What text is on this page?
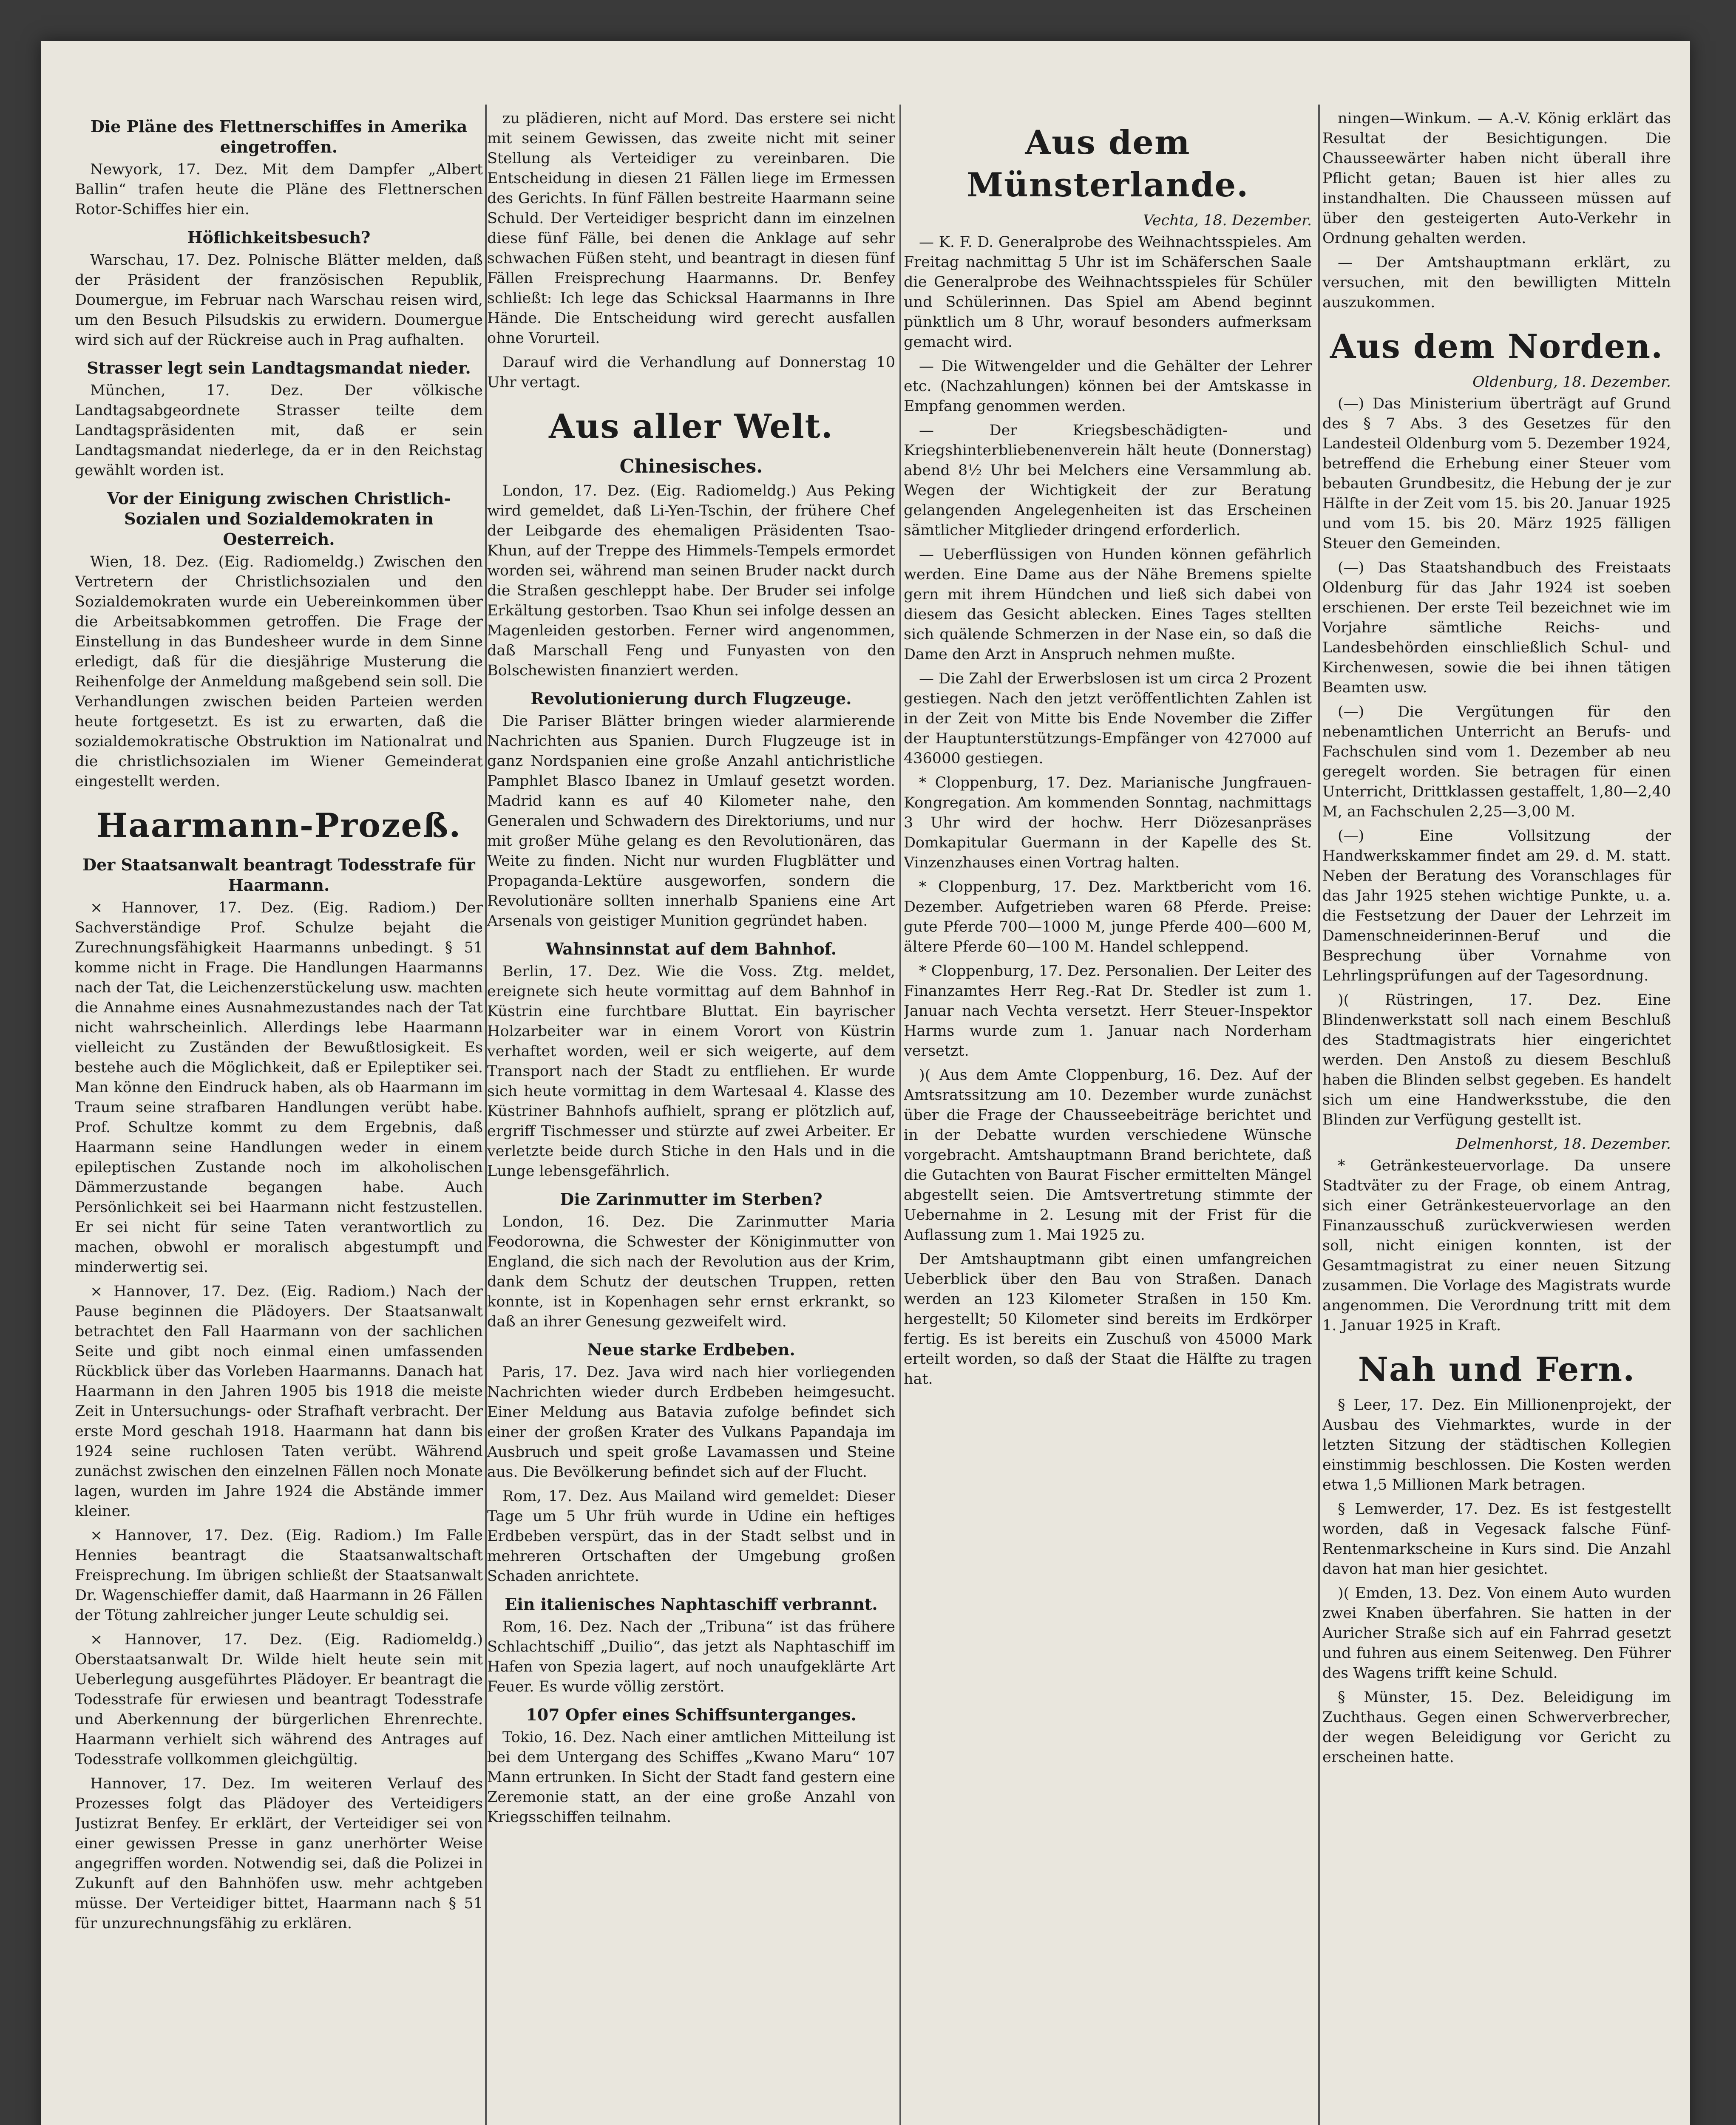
Die Pläne des Flettnerschiffes in Amerika eingetroffen.

Newyork, 17. Dez. Mit dem Dampfer „Albert Ballin“ trafen heute die Pläne des Flettnerschen Rotor-Schiffes hier ein.

Höflichkeitsbesuch?

Warschau, 17. Dez. Polnische Blätter melden, daß der Präsident der französischen Republik, Doumergue, im Februar nach Warschau reisen wird, um den Besuch Pilsudskis zu erwidern. Doumergue wird sich auf der Rückreise auch in Prag aufhalten.

Strasser legt sein Landtagsmandat nieder.

München, 17. Dez. Der völkische Landtagsabgeordnete Strasser teilte dem Landtagspräsidenten mit, daß er sein Landtagsmandat niederlege, da er in den Reichstag gewählt worden ist.

Vor der Einigung zwischen Christlich-Sozialen und Sozialdemokraten in Oesterreich.

Wien, 18. Dez. (Eig. Radiomeldg.) Zwischen den Vertretern der Christlichsozialen und den Sozialdemokraten wurde ein Uebereinkommen über die Arbeitsabkommen getroffen. Die Frage der Einstellung in das Bundesheer wurde in dem Sinne erledigt, daß für die diesjährige Musterung die Reihenfolge der Anmeldung maßgebend sein soll. Die Verhandlungen zwischen beiden Parteien werden heute fortgesetzt. Es ist zu erwarten, daß die sozialdemokratische Obstruktion im Nationalrat und die christlichsozialen im Wiener Gemeinderat eingestellt werden.

Haarmann-Prozeß.
Der Staatsanwalt beantragt Todesstrafe für Haarmann.

× Hannover, 17. Dez. (Eig. Radiom.) Der Sachverständige Prof. Schulze bejaht die Zurechnungsfähigkeit Haarmanns unbedingt. § 51 komme nicht in Frage. Die Handlungen Haarmanns nach der Tat, die Leichenzerstückelung usw. machten die Annahme eines Ausnahmezustandes nach der Tat nicht wahrscheinlich. Allerdings lebe Haarmann vielleicht zu Zuständen der Bewußtlosigkeit. Es bestehe auch die Möglichkeit, daß er Epileptiker sei. Man könne den Eindruck haben, als ob Haarmann im Traum seine strafbaren Handlungen verübt habe. Prof. Schultze kommt zu dem Ergebnis, daß Haarmann seine Handlungen weder in einem epileptischen Zustande noch im alkoholischen Dämmerzustande begangen habe. Auch Persönlichkeit sei bei Haarmann nicht festzustellen. Er sei nicht für seine Taten verantwortlich zu machen, obwohl er moralisch abgestumpft und minderwertig sei.

× Hannover, 17. Dez. (Eig. Radiom.) Nach der Pause beginnen die Plädoyers. Der Staatsanwalt betrachtet den Fall Haarmann von der sachlichen Seite und gibt noch einmal einen umfassenden Rückblick über das Vorleben Haarmanns. Danach hat Haarmann in den Jahren 1905 bis 1918 die meiste Zeit in Untersuchungs- oder Strafhaft verbracht. Der erste Mord geschah 1918. Haarmann hat dann bis 1924 seine ruchlosen Taten verübt. Während zunächst zwischen den einzelnen Fällen noch Monate lagen, wurden im Jahre 1924 die Abstände immer kleiner.

× Hannover, 17. Dez. (Eig. Radiom.) Im Falle Hennies beantragt die Staatsanwaltschaft Freisprechung. Im übrigen schließt der Staatsanwalt Dr. Wagenschieffer damit, daß Haarmann in 26 Fällen der Tötung zahlreicher junger Leute schuldig sei.

× Hannover, 17. Dez. (Eig. Radiomeldg.) Oberstaatsanwalt Dr. Wilde hielt heute sein mit Ueberlegung ausgeführtes Plädoyer. Er beantragt die Todesstrafe für erwiesen und beantragt Todesstrafe und Aberkennung der bürgerlichen Ehrenrechte. Haarmann verhielt sich während des Antrages auf Todesstrafe vollkommen gleichgültig.

Hannover, 17. Dez. Im weiteren Verlauf des Prozesses folgt das Plädoyer des Verteidigers Justizrat Benfey. Er erklärt, der Verteidiger sei von einer gewissen Presse in ganz unerhörter Weise angegriffen worden. Notwendig sei, daß die Polizei in Zukunft auf den Bahnhöfen usw. mehr achtgeben müsse. Der Verteidiger bittet, Haarmann nach § 51 für unzurechnungsfähig zu erklären.

zu plädieren, nicht auf Mord. Das erstere sei nicht mit seinem Gewissen, das zweite nicht mit seiner Stellung als Verteidiger zu vereinbaren. Die Entscheidung in diesen 21 Fällen liege im Ermessen des Gerichts. In fünf Fällen bestreite Haarmann seine Schuld. Der Verteidiger bespricht dann im einzelnen diese fünf Fälle, bei denen die Anklage auf sehr schwachen Füßen steht, und beantragt in diesen fünf Fällen Freisprechung Haarmanns. Dr. Benfey schließt: Ich lege das Schicksal Haarmanns in Ihre Hände. Die Entscheidung wird gerecht ausfallen ohne Vorurteil.

Darauf wird die Verhandlung auf Donnerstag 10 Uhr vertagt.

Aus aller Welt.
Chinesisches.

London, 17. Dez. (Eig. Radiomeldg.) Aus Peking wird gemeldet, daß Li-Yen-Tschin, der frühere Chef der Leibgarde des ehemaligen Präsidenten Tsao-Khun, auf der Treppe des Himmels-Tempels ermordet worden sei, während man seinen Bruder nackt durch die Straßen geschleppt habe. Der Bruder sei infolge Erkältung gestorben. Tsao Khun sei infolge dessen an Magenleiden gestorben. Ferner wird angenommen, daß Marschall Feng und Funyasten von den Bolschewisten finanziert werden.

Revolutionierung durch Flugzeuge.

Die Pariser Blätter bringen wieder alarmierende Nachrichten aus Spanien. Durch Flugzeuge ist in ganz Nordspanien eine große Anzahl antichristliche Pamphlet Blasco Ibanez in Umlauf gesetzt worden. Madrid kann es auf 40 Kilometer nahe, den Generalen und Schwadern des Direktoriums, und nur mit großer Mühe gelang es den Revolutionären, das Weite zu finden. Nicht nur wurden Flugblätter und Propaganda-Lektüre ausgeworfen, sondern die Revolutionäre sollten innerhalb Spaniens eine Art Arsenals von geistiger Munition gegründet haben.

Wahnsinnstat auf dem Bahnhof.

Berlin, 17. Dez. Wie die Voss. Ztg. meldet, ereignete sich heute vormittag auf dem Bahnhof in Küstrin eine furchtbare Bluttat. Ein bayrischer Holzarbeiter war in einem Vorort von Küstrin verhaftet worden, weil er sich weigerte, auf dem Transport nach der Stadt zu entfliehen. Er wurde sich heute vormittag in dem Wartesaal 4. Klasse des Küstriner Bahnhofs aufhielt, sprang er plötzlich auf, ergriff Tischmesser und stürzte auf zwei Arbeiter. Er verletzte beide durch Stiche in den Hals und in die Lunge lebensgefährlich.

Die Zarinmutter im Sterben?

London, 16. Dez. Die Zarinmutter Maria Feodorowna, die Schwester der Königinmutter von England, die sich nach der Revolution aus der Krim, dank dem Schutz der deutschen Truppen, retten konnte, ist in Kopenhagen sehr ernst erkrankt, so daß an ihrer Genesung gezweifelt wird.

Neue starke Erdbeben.

Paris, 17. Dez. Java wird nach hier vorliegenden Nachrichten wieder durch Erdbeben heimgesucht. Einer Meldung aus Batavia zufolge befindet sich einer der großen Krater des Vulkans Papandaja im Ausbruch und speit große Lavamassen und Steine aus. Die Bevölkerung befindet sich auf der Flucht.

Rom, 17. Dez. Aus Mailand wird gemeldet: Dieser Tage um 5 Uhr früh wurde in Udine ein heftiges Erdbeben verspürt, das in der Stadt selbst und in mehreren Ortschaften der Umgebung großen Schaden anrichtete.

Ein italienisches Naphtaschiff verbrannt.

Rom, 16. Dez. Nach der „Tribuna“ ist das frühere Schlachtschiff „Duilio“, das jetzt als Naphtaschiff im Hafen von Spezia lagert, auf noch unaufgeklärte Art Feuer. Es wurde völlig zerstört.

107 Opfer eines Schiffsunterganges.

Tokio, 16. Dez. Nach einer amtlichen Mitteilung ist bei dem Untergang des Schiffes „Kwano Maru“ 107 Mann ertrunken. In Sicht der Stadt fand gestern eine Zeremonie statt, an der eine große Anzahl von Kriegsschiffen teilnahm.

Aus dem Münsterlande.
Vechta, 18. Dezember.

— K. F. D. Generalprobe des Weihnachtsspieles. Am Freitag nachmittag 5 Uhr ist im Schäferschen Saale die Generalprobe des Weihnachtsspieles für Schüler und Schülerinnen. Das Spiel am Abend beginnt pünktlich um 8 Uhr, worauf besonders aufmerksam gemacht wird.

— Die Witwengelder und die Gehälter der Lehrer etc. (Nachzahlungen) können bei der Amtskasse in Empfang genommen werden.

— Der Kriegsbeschädigten- und Kriegshinterbliebenenverein hält heute (Donnerstag) abend 8½ Uhr bei Melchers eine Versammlung ab. Wegen der Wichtigkeit der zur Beratung gelangenden Angelegenheiten ist das Erscheinen sämtlicher Mitglieder dringend erforderlich.

— Ueberflüssigen von Hunden können gefährlich werden. Eine Dame aus der Nähe Bremens spielte gern mit ihrem Hündchen und ließ sich dabei von diesem das Gesicht ablecken. Eines Tages stellten sich quälende Schmerzen in der Nase ein, so daß die Dame den Arzt in Anspruch nehmen mußte.

— Die Zahl der Erwerbslosen ist um circa 2 Prozent gestiegen. Nach den jetzt veröffentlichten Zahlen ist in der Zeit von Mitte bis Ende November die Ziffer der Hauptunterstützungs-Empfänger von 427000 auf 436000 gestiegen.

* Cloppenburg, 17. Dez. Marianische Jungfrauen-Kongregation. Am kommenden Sonntag, nachmittags 3 Uhr wird der hochw. Herr Diözesanpräses Domkapitular Guermann in der Kapelle des St. Vinzenzhauses einen Vortrag halten.

* Cloppenburg, 17. Dez. Marktbericht vom 16. Dezember. Aufgetrieben waren 68 Pferde. Preise: gute Pferde 700—1000 M, junge Pferde 400—600 M, ältere Pferde 60—100 M. Handel schleppend.

* Cloppenburg, 17. Dez. Personalien. Der Leiter des Finanzamtes Herr Reg.-Rat Dr. Stedler ist zum 1. Januar nach Vechta versetzt. Herr Steuer-Inspektor Harms wurde zum 1. Januar nach Norderham versetzt.

)( Aus dem Amte Cloppenburg, 16. Dez. Auf der Amtsratssitzung am 10. Dezember wurde zunächst über die Frage der Chausseebeiträge berichtet und in der Debatte wurden verschiedene Wünsche vorgebracht. Amtshauptmann Brand berichtete, daß die Gutachten von Baurat Fischer ermittelten Mängel abgestellt seien. Die Amtsvertretung stimmte der Uebernahme in 2. Lesung mit der Frist für die Auflassung zum 1. Mai 1925 zu.

Der Amtshauptmann gibt einen umfangreichen Ueberblick über den Bau von Straßen. Danach werden an 123 Kilometer Straßen in 150 Km. hergestellt; 50 Kilometer sind bereits im Erdkörper fertig. Es ist bereits ein Zuschuß von 45000 Mark erteilt worden, so daß der Staat die Hälfte zu tragen hat.

ningen—Winkum. — A.-V. König erklärt das Resultat der Besichtigungen. Die Chausseewärter haben nicht überall ihre Pflicht getan; Bauen ist hier alles zu instandhalten. Die Chausseen müssen auf über den gesteigerten Auto-Verkehr in Ordnung gehalten werden.

— Der Amtshauptmann erklärt, zu versuchen, mit den bewilligten Mitteln auszukommen.

Aus dem Norden.
Oldenburg, 18. Dezember.

(—) Das Ministerium überträgt auf Grund des § 7 Abs. 3 des Gesetzes für den Landesteil Oldenburg vom 5. Dezember 1924, betreffend die Erhebung einer Steuer vom bebauten Grundbesitz, die Hebung der je zur Hälfte in der Zeit vom 15. bis 20. Januar 1925 und vom 15. bis 20. März 1925 fälligen Steuer den Gemeinden.

(—) Das Staatshandbuch des Freistaats Oldenburg für das Jahr 1924 ist soeben erschienen. Der erste Teil bezeichnet wie im Vorjahre sämtliche Reichs- und Landesbehörden einschließlich Schul- und Kirchenwesen, sowie die bei ihnen tätigen Beamten usw.

(—) Die Vergütungen für den nebenamtlichen Unterricht an Berufs- und Fachschulen sind vom 1. Dezember ab neu geregelt worden. Sie betragen für einen Unterricht, Drittklassen gestaffelt, 1,80—2,40 M, an Fachschulen 2,25—3,00 M.

(—) Eine Vollsitzung der Handwerkskammer findet am 29. d. M. statt. Neben der Beratung des Voranschlages für das Jahr 1925 stehen wichtige Punkte, u. a. die Festsetzung der Dauer der Lehrzeit im Damenschneiderinnen-Beruf und die Besprechung über Vornahme von Lehrlingsprüfungen auf der Tagesordnung.

)( Rüstringen, 17. Dez. Eine Blindenwerkstatt soll nach einem Beschluß des Stadtmagistrats hier eingerichtet werden. Den Anstoß zu diesem Beschluß haben die Blinden selbst gegeben. Es handelt sich um eine Handwerksstube, die den Blinden zur Verfügung gestellt ist.

Delmenhorst, 18. Dezember.

* Getränkesteuervorlage. Da unsere Stadtväter zu der Frage, ob einem Antrag, sich einer Getränkesteuervorlage an den Finanzausschuß zurückverwiesen werden soll, nicht einigen konnten, ist der Gesamtmagistrat zu einer neuen Sitzung zusammen. Die Vorlage des Magistrats wurde angenommen. Die Verordnung tritt mit dem 1. Januar 1925 in Kraft.

Nah und Fern.

§ Leer, 17. Dez. Ein Millionenprojekt, der Ausbau des Viehmarktes, wurde in der letzten Sitzung der städtischen Kollegien einstimmig beschlossen. Die Kosten werden etwa 1,5 Millionen Mark betragen.

§ Lemwerder, 17. Dez. Es ist festgestellt worden, daß in Vegesack falsche Fünf-Rentenmarkscheine in Kurs sind. Die Anzahl davon hat man hier gesichtet.

)( Emden, 13. Dez. Von einem Auto wurden zwei Knaben überfahren. Sie hatten in der Auricher Straße sich auf ein Fahrrad gesetzt und fuhren aus einem Seitenweg. Den Führer des Wagens trifft keine Schuld.

§ Münster, 15. Dez. Beleidigung im Zuchthaus. Gegen einen Schwerverbrecher, der wegen Beleidigung vor Gericht zu erscheinen hatte.
